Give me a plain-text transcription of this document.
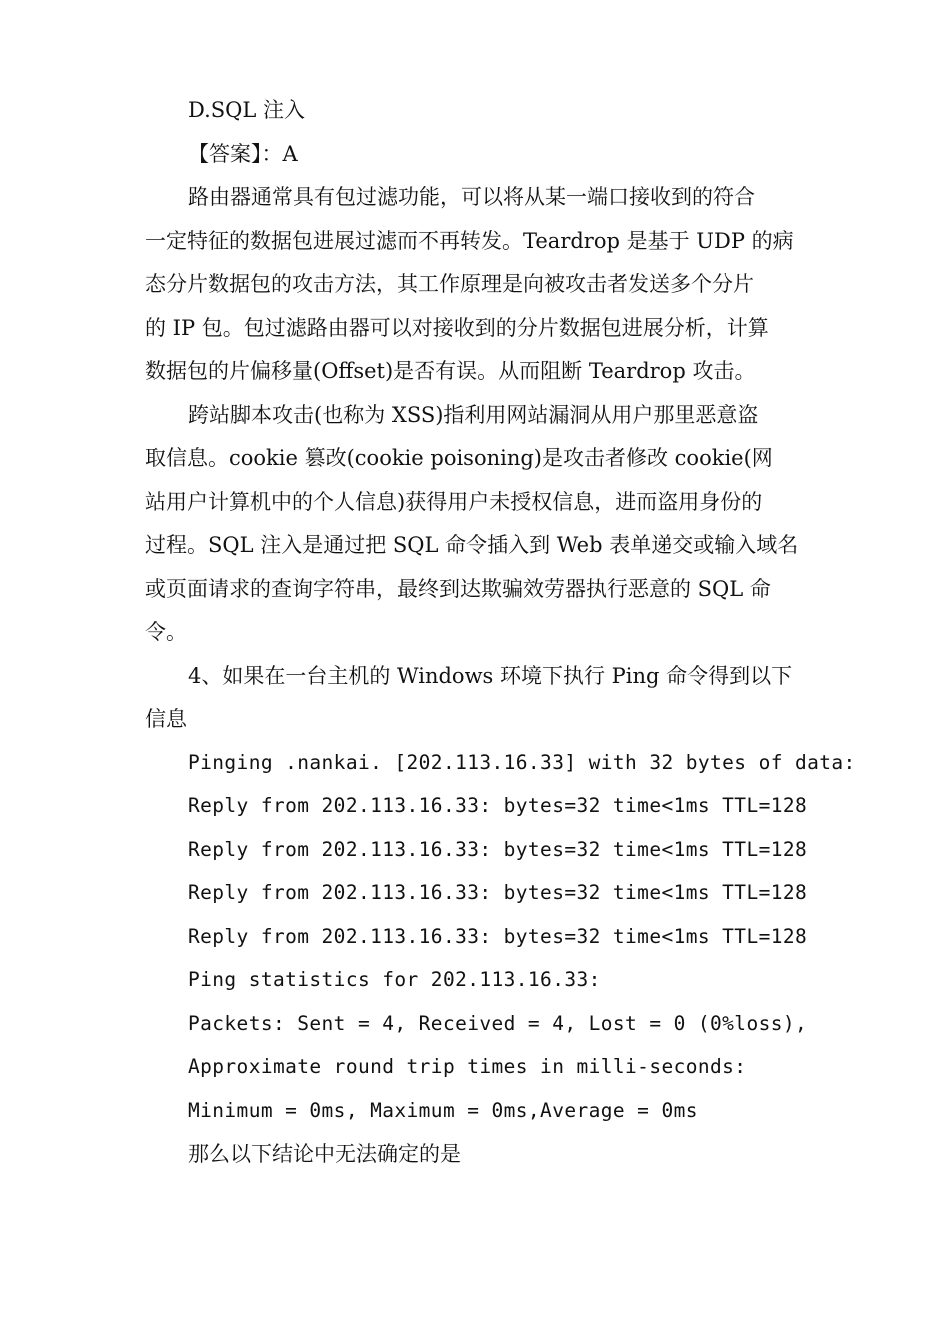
D.SQL 注入
【答案】：A
路由器通常具有包过滤功能，可以将从某一端口接收到的符合
一定特征的数据包进展过滤而不再转发。Teardrop 是基于 UDP 的病
态分片数据包的攻击方法，其工作原理是向被攻击者发送多个分片
的 IP 包。包过滤路由器可以对接收到的分片数据包进展分析，计算
数据包的片偏移量(Offset)是否有误。从而阻断 Teardrop 攻击。
跨站脚本攻击(也称为 XSS)指利用网站漏洞从用户那里恶意盗
取信息。cookie 篡改(cookie poisoning)是攻击者修改 cookie(网
站用户计算机中的个人信息)获得用户未授权信息，进而盗用身份的
过程。SQL 注入是通过把 SQL 命令插入到 Web 表单递交或输入域名
或页面请求的查询字符串，最终到达欺骗效劳器执行恶意的 SQL 命
令。
4、如果在一台主机的 Windows 环境下执行 Ping 命令得到以下
信息
Pinging .nankai. [202.113.16.33] with 32 bytes of data:
Reply from 202.113.16.33: bytes=32 time<1ms TTL=128
Reply from 202.113.16.33: bytes=32 time<1ms TTL=128
Reply from 202.113.16.33: bytes=32 time<1ms TTL=128
Reply from 202.113.16.33: bytes=32 time<1ms TTL=128
Ping statistics for 202.113.16.33:
Packets: Sent = 4, Received = 4, Lost = 0 (0%loss),
Approximate round trip times in milli-seconds:
Minimum = 0ms, Maximum = 0ms,Average = 0ms
那么以下结论中无法确定的是
